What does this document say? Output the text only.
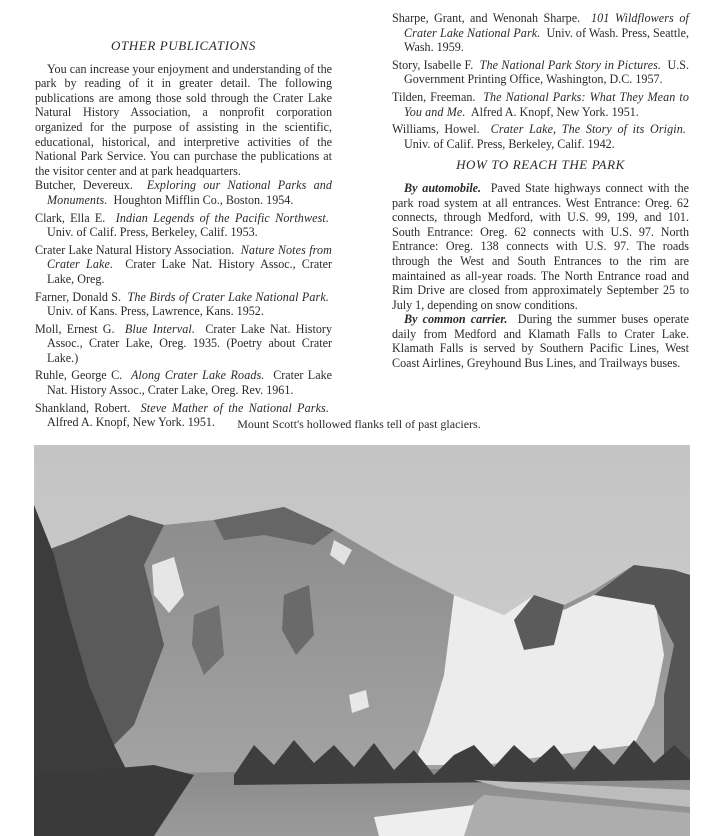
OTHER PUBLICATIONS

You can increase your enjoyment and understanding of the park by reading of it in greater detail. The following publications are among those sold through the Crater Lake Natural History Association, a nonprofit corporation organized for the purpose of assisting in the scientific, educational, historical, and interpretive activities of the National Park Service. You can purchase the publications at the visitor center and at park headquarters.

Butcher, Devereux. Exploring our National Parks and Monuments. Houghton Mifflin Co., Boston. 1954.

Clark, Ella E. Indian Legends of the Pacific Northwest.  Univ. of Calif. Press, Berkeley, Calif. 1953.

Crater Lake Natural History Association. Nature Notes from Crater Lake. Crater Lake Nat. History Assoc., Crater Lake, Oreg.

Farner, Donald S. The Birds of Crater Lake National Park.  Univ. of Kans. Press, Lawrence, Kans. 1952.

Moll, Ernest G. Blue Interval. Crater Lake Nat. History Assoc., Crater Lake, Oreg. 1935. (Poetry about Crater Lake.)

Ruhle, George C. Along Crater Lake Roads. Crater Lake Nat. History Assoc., Crater Lake, Oreg. Rev. 1961.

Shankland, Robert. Steve Mather of the National Parks.  Alfred A. Knopf, New York. 1951.

Sharpe, Grant, and Wenonah Sharpe. 101 Wildflowers of Crater Lake National Park. Univ. of Wash. Press, Seattle, Wash. 1959.

Story, Isabelle F. The National Park Story in Pictures. U.S. Government Printing Office, Washington, D.C. 1957.

Tilden, Freeman. The National Parks: What They Mean to You and Me. Alfred A. Knopf, New York. 1951.

Williams, Howel. Crater Lake, The Story of its Origin.  Univ. of Calif. Press, Berkeley, Calif. 1942.

HOW TO REACH THE PARK

By automobile. Paved State highways connect with the park road system at all entrances. West Entrance: Oreg. 62 connects, through Medford, with U.S. 99, 199, and 101. South Entrance: Oreg. 62 connects with U.S. 97. North Entrance: Oreg. 138 connects with U.S. 97. The roads through the West and South Entrances to the rim are maintained as all-year roads. The North Entrance road and Rim Drive are closed from approximately September 25 to July 1, depending on snow conditions.

By common carrier. During the summer buses operate daily from Medford and Klamath Falls to Crater Lake. Klamath Falls is served by Southern Pacific Lines, West Coast Airlines, Greyhound Bus Lines, and Trailways buses.

Mount Scott's hollowed flanks tell of past glaciers.
